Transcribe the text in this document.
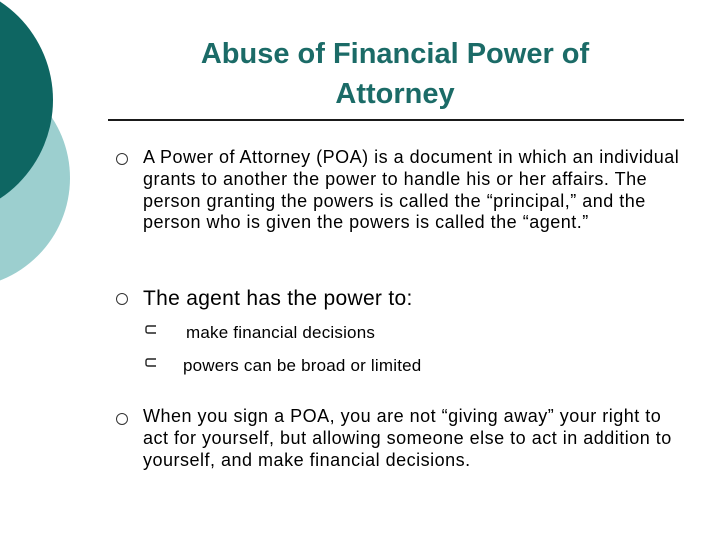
Abuse of Financial Power of Attorney

A Power of Attorney (POA) is a document in which an individual grants to another the power to handle his or her affairs. The person granting the powers is called the “principal,” and the person who is given the powers is called the “agent.”

The agent has the power to:

make financial decisions

powers can be broad or limited

When you sign a POA, you are not “giving away” your right to act for yourself, but allowing someone else to act in addition to yourself, and make financial decisions.
